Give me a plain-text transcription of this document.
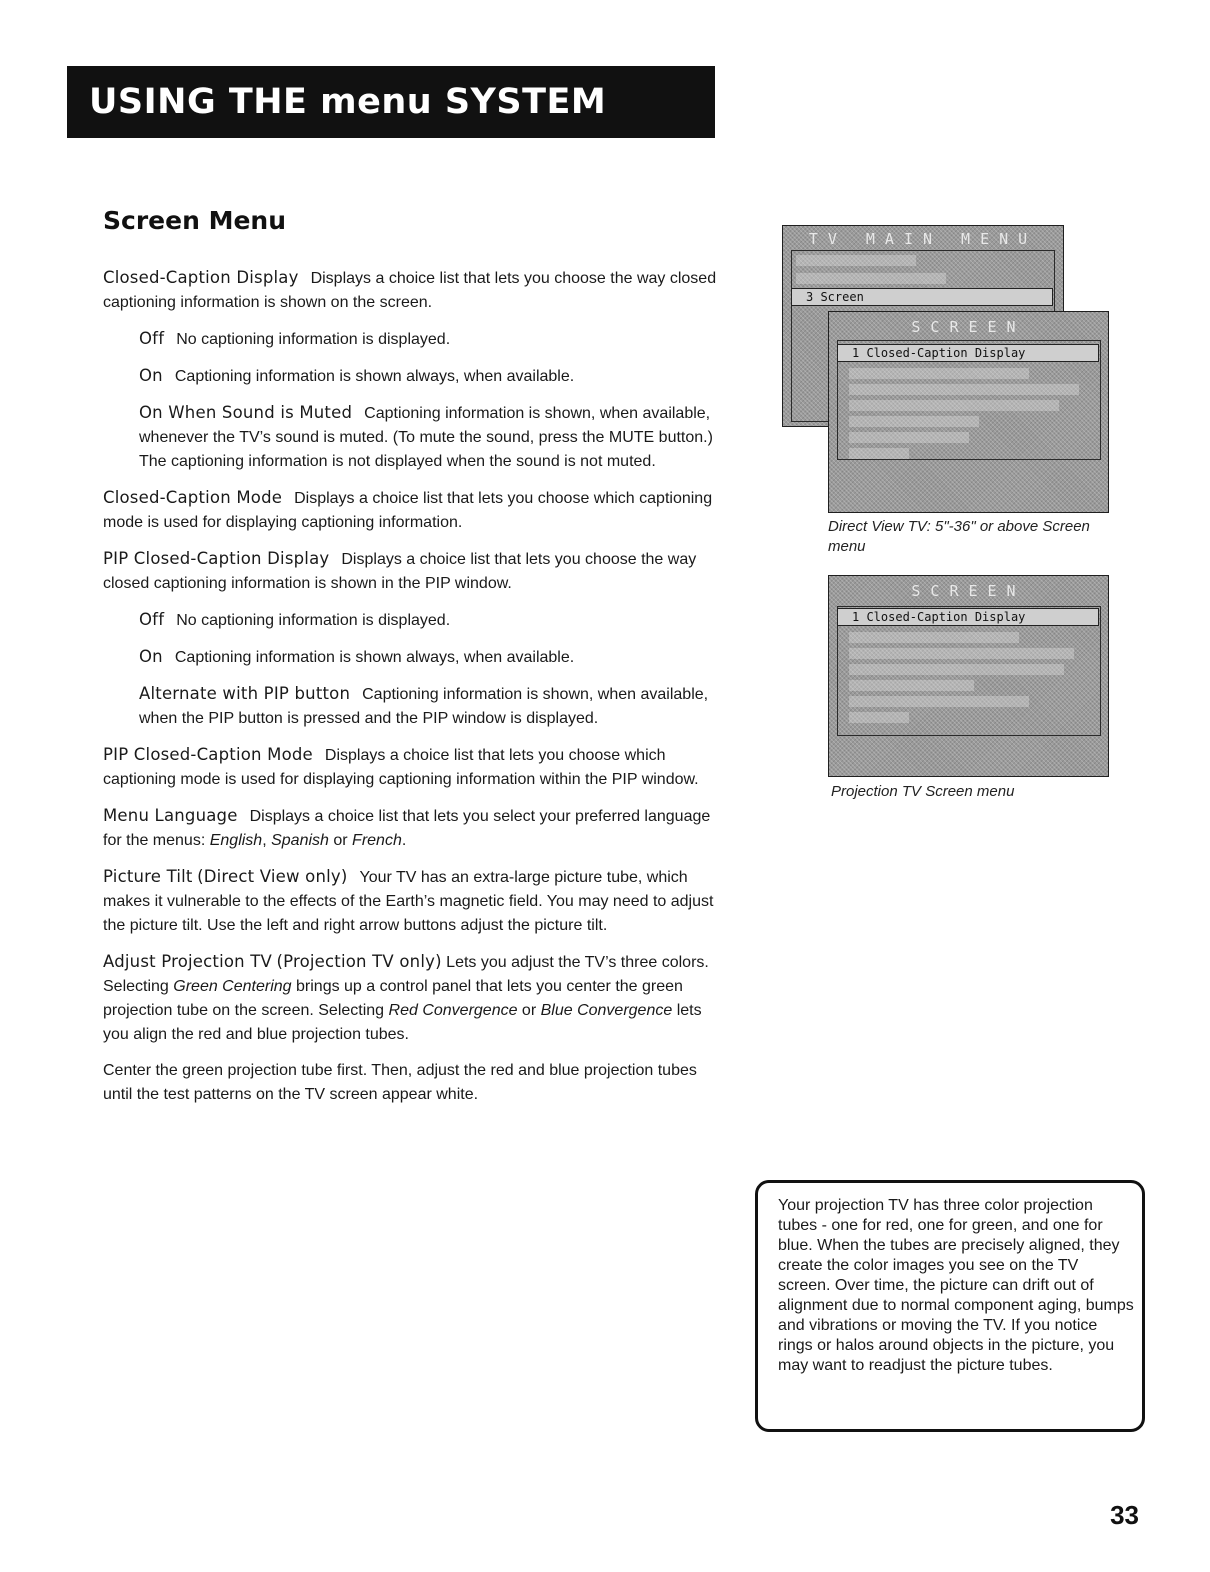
USING THE menu SYSTEM
Screen Menu

Closed-Caption Display Displays a choice list that lets you choose the way closed captioning information is shown on the screen.

Off No captioning information is displayed.

On Captioning information is shown always, when available.

On When Sound is Muted Captioning information is shown, when available, whenever the TV’s sound is muted. (To mute the sound, press the MUTE button.) The captioning information is not displayed when the sound is not muted.

Closed-Caption Mode Displays a choice list that lets you choose which captioning mode is used for displaying captioning information.

PIP Closed-Caption Display Displays a choice list that lets you choose the way closed captioning information is shown in the PIP window.

Off No captioning information is displayed.

On Captioning information is shown always, when available.

Alternate with PIP button Captioning information is shown, when available, when the PIP button is pressed and the PIP window is displayed.

PIP Closed-Caption Mode Displays a choice list that lets you choose which captioning mode is used for displaying captioning information within the PIP window.

Menu Language Displays a choice list that lets you select your preferred language for the menus: English, Spanish or French.

Picture Tilt (Direct View only) Your TV has an extra-large picture tube, which makes it vulnerable to the effects of the Earth’s magnetic field. You may need to adjust the picture tilt. Use the left and right arrow buttons adjust the picture tilt.

Adjust Projection TV (Projection TV only) Lets you adjust the TV’s three colors. Selecting Green Centering brings up a control panel that lets you center the green projection tube on the screen. Selecting Red Convergence or Blue Convergence lets you align the red and blue projection tubes.

Center the green projection tube first. Then, adjust the red and blue projection tubes until the test patterns on the TV screen appear white.

TV MAIN MENU
3 Screen
SCREEN
1 Closed-Caption Display
Direct View TV: 5"-36" or above Screen
menu
SCREEN
1 Closed-Caption Display
Projection TV Screen menu
Your projection TV has three color projection tubes - one for red, one for green, and one for blue. When the tubes are precisely aligned, they create the color images you see on the TV screen. Over time, the picture can drift out of alignment due to normal component aging, bumps and vibrations or moving the TV. If you notice rings or halos around objects in the picture, you may want to readjust the picture tubes.
33
